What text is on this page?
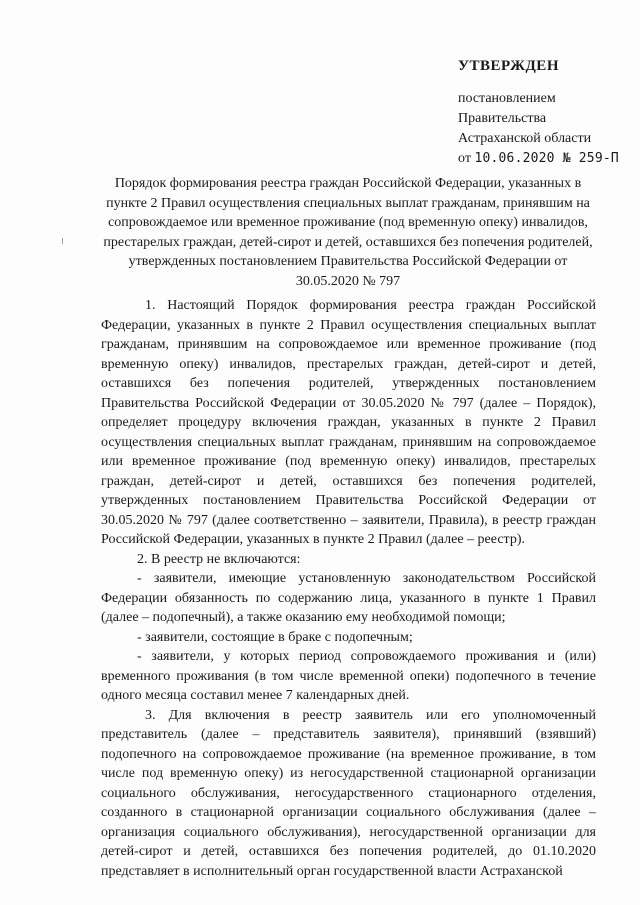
УТВЕРЖДЕН
постановлением
Правительства
Астраханской области
от 10.06.2020 № 259-П
Порядок формирования реестра граждан Российской Федерации, указанных в пункте 2 Правил осуществления специальных выплат гражданам, принявшим на сопровождаемое или временное проживание (под временную опеку) инвалидов, престарелых граждан, детей-сирот и детей, оставшихся без попечения родителей, утвержденных постановлением Правительства Российской Федерации от 30.05.2020 № 797

1. Настоящий Порядок формирования реестра граждан Российской Федерации, указанных в пункте 2 Правил осуществления специальных выплат гражданам, принявшим на сопровождаемое или временное проживание (под временную опеку) инвалидов, престарелых граждан, детей-сирот и детей, оставшихся без попечения родителей, утвержденных постановлением Правительства Российской Федерации от 30.05.2020 № 797 (далее – Порядок), определяет процедуру включения граждан, указанных в пункте 2 Правил осуществления специальных выплат гражданам, принявшим на сопровождаемое или временное проживание (под временную опеку) инвалидов, престарелых граждан, детей-сирот и детей, оставшихся без попечения родителей, утвержденных постановлением Правительства Российской Федерации от 30.05.2020 № 797 (далее соответственно – заявители, Правила), в реестр граждан Российской Федерации, указанных в пункте 2 Правил (далее – реестр).

2. В реестр не включаются:

- заявители, имеющие установленную законодательством Российской Федерации обязанность по содержанию лица, указанного в пункте 1 Правил (далее – подопечный), а также оказанию ему необходимой помощи;

- заявители, состоящие в браке с подопечным;

- заявители, у которых период сопровождаемого проживания и (или) временного проживания (в том числе временной опеки) подопечного в течение одного месяца составил менее 7 календарных дней.

3. Для включения в реестр заявитель или его уполномоченный представитель (далее – представитель заявителя), принявший (взявший) подопечного на сопровождаемое проживание (на временное проживание, в том числе под временную опеку) из негосударственной стационарной организации социального обслуживания, негосударственного стационарного отделения, созданного в стационарной организации социального обслуживания (далее – организация социального обслуживания), негосударственной организации для детей-сирот и детей, оставшихся без попечения родителей, до 01.10.2020 представляет в исполнительный орган государственной власти Астраханской
